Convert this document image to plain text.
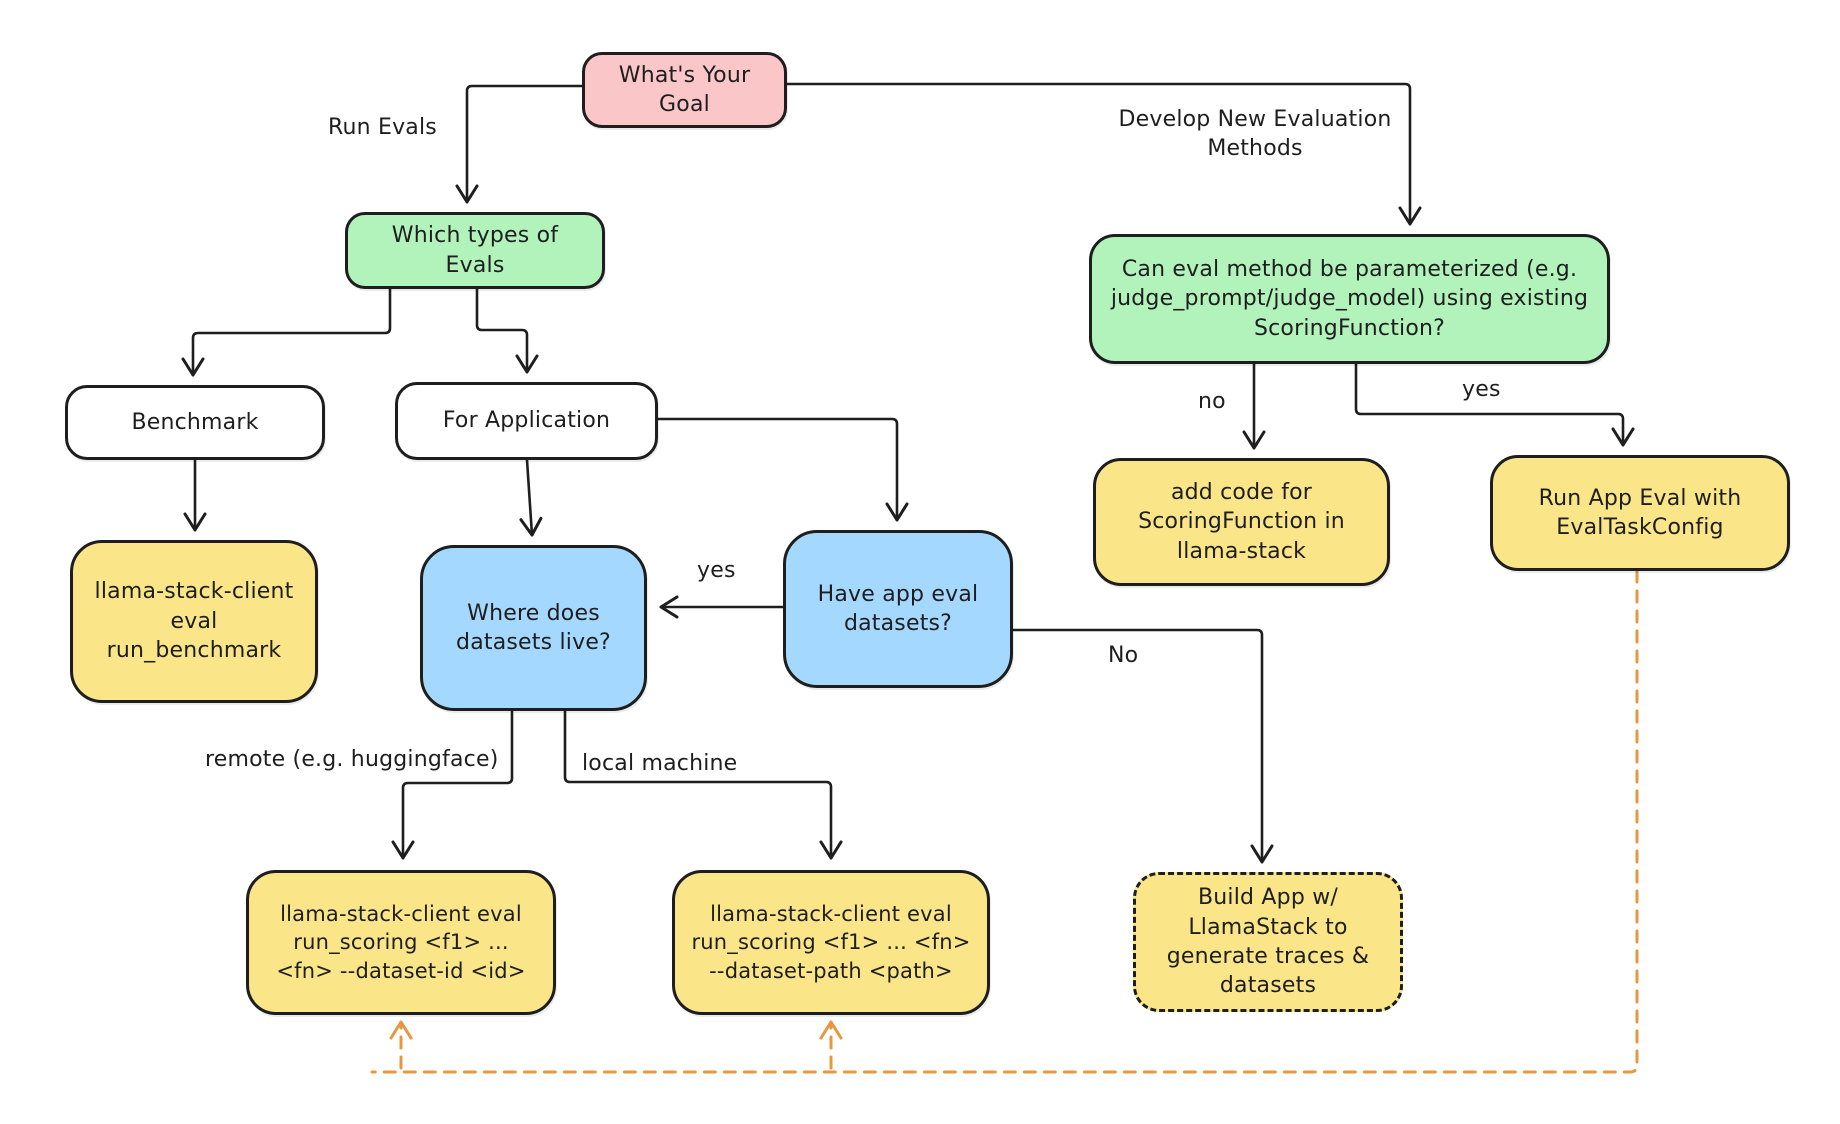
What's Your Goal
Which types of Evals	Can eval method be parameterized (e.g. judge_prompt/judge_model) using existing ScoringFunction?
Benchmark	For Application
add code for ScoringFunction in llama-stack
Run App Eval with EvalTaskConfig
llama-stack-client eval run_benchmark
Where does datasets live?
Have app eval datasets?
llama-stack-client eval run_scoring <f1> ... <fn> --dataset-id <id>
llama-stack-client eval run_scoring <f1> ... <fn> --dataset-path <path>
Build App w/ LlamaStack to generate traces & datasets
Run Evals	Develop New Evaluation Methods
no	yes
yes
No
remote (e.g. huggingface)	local machine
